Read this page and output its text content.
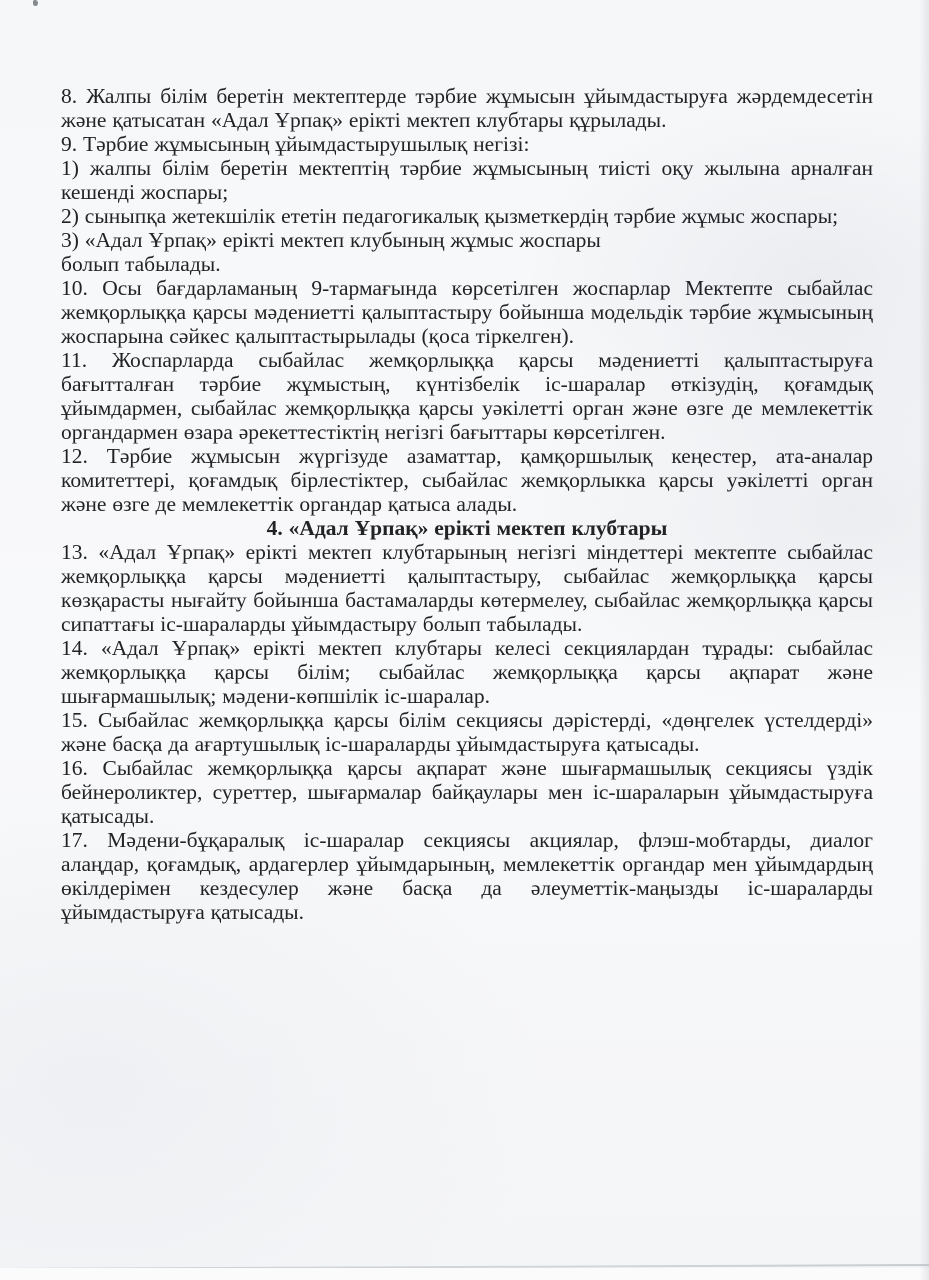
8. Жалпы білім беретін мектептерде тәрбие жұмысын ұйымдастыруға жәрдемдесетін және қатысатан «Адал Ұрпақ» ерікті мектеп клубтары құрылады.

9. Тәрбие жұмысының ұйымдастырушылық негізі:

1) жалпы білім беретін мектептің тәрбие жұмысының тиісті оқу жылына арналған кешенді жоспары;

2) сыныпқа жетекшілік ететін педагогикалық қызметкердің тәрбие жұмыс жоспары;

3) «Адал Ұрпақ» ерікті мектеп клубының жұмыс жоспары

болып табылады.

10. Осы бағдарламаның 9-тармағында көрсетілген жоспарлар Мектепте сыбайлас жемқорлыққа қарсы мәдениетті қалыптастыру бойынша модельдік тәрбие жұмысының жоспарына сәйкес қалыптастырылады (қоса тіркелген).

11. Жоспарларда сыбайлас жемқорлыққа қарсы мәдениетті қалыптастыруға бағытталған тәрбие жұмыстың, күнтізбелік іс-шаралар өткізудің, қоғамдық ұйымдармен, сыбайлас жемқорлыққа қарсы уәкілетті орган және өзге де мемлекеттік органдармен өзара әрекеттестіктің негізгі бағыттары көрсетілген.

12. Тәрбие жұмысын жүргізуде азаматтар, қамқоршылық кеңестер, ата-аналар комитеттері, қоғамдық бірлестіктер, сыбайлас жемқорлыкка қарсы уәкілетті орган және өзге де мемлекеттік органдар қатыса алады.

4. «Адал Ұрпақ» ерікті мектеп клубтары

13. «Адал Ұрпақ» ерікті мектеп клубтарының негізгі міндеттері мектепте сыбайлас жемқорлыққа қарсы мәдениетті қалыптастыру, сыбайлас жемқорлыққа қарсы көзқарасты нығайту бойынша бастамаларды көтермелеу, сыбайлас жемқорлыққа қарсы сипаттағы іс-шараларды ұйымдастыру болып табылады.

14. «Адал Ұрпақ» ерікті мектеп клубтары келесі секциялардан тұрады: сыбайлас жемқорлыққа қарсы білім; сыбайлас жемқорлыққа қарсы ақпарат және шығармашылық; мәдени-көпшілік іс-шаралар.

15. Сыбайлас жемқорлыққа қарсы білім секциясы дәрістерді, «дөңгелек үстелдерді» және басқа да ағартушылық іс-шараларды ұйымдастыруға қатысады.

16. Сыбайлас жемқорлыққа қарсы ақпарат және шығармашылық секциясы үздік бейнероликтер, суреттер, шығармалар байқаулары мен іс-шараларын ұйымдастыруға қатысады.

17. Мәдени-бұқаралық іс-шаралар секциясы акциялар, флэш-мобтарды, диалог алаңдар, қоғамдық, ардагерлер ұйымдарының, мемлекеттік органдар мен ұйымдардың өкілдерімен кездесулер және басқа да әлеуметтік-маңызды іс-шараларды ұйымдастыруға қатысады.
